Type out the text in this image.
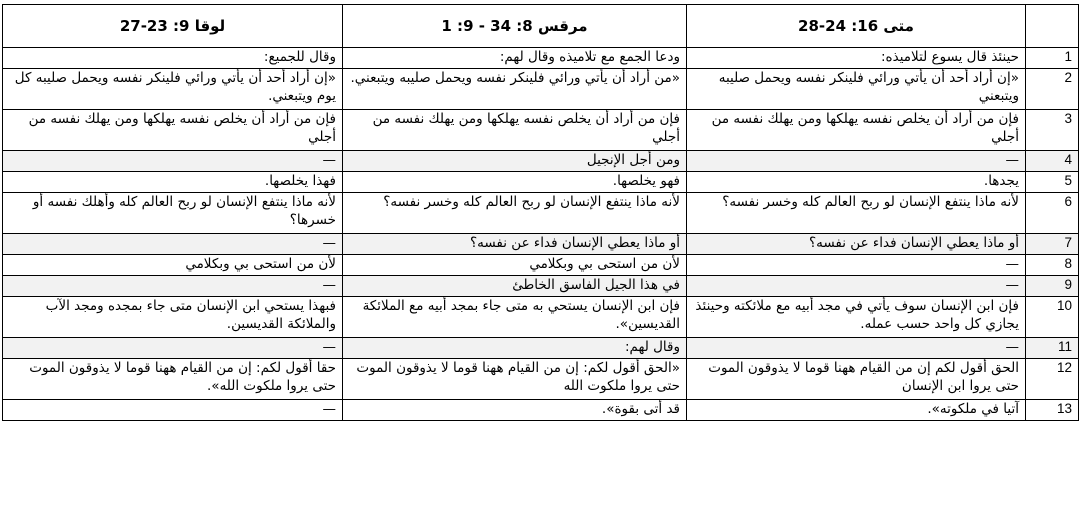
	متى 16: 24-28	مرقس 8: 34 - 9: 1	لوقا 9: 23-27
1	حينئذ قال يسوع لتلاميذه:	ودعا الجمع مع تلاميذه وقال لهم:	وقال للجميع:
2	«إن أراد أحد أن يأتي ورائي فلينكر نفسه ويحمل صليبه ويتبعني	«من أراد أن يأتي ورائي فلينكر نفسه ويحمل صليبه ويتبعني.	«إن أراد أحد أن يأتي ورائي فلينكر نفسه ويحمل صليبه كل يوم ويتبعني.
3	فإن من أراد أن يخلص نفسه يهلكها ومن يهلك نفسه من أجلي	فإن من أراد أن يخلص نفسه يهلكها ومن يهلك نفسه من أجلي	فإن من أراد أن يخلص نفسه يهلكها ومن يهلك نفسه من أجلي
4	—	ومن أجل الإنجيل	—
5	يجدها.	فهو يخلصها.	فهذا يخلصها.
6	لأنه ماذا ينتفع الإنسان لو ربح العالم كله وخسر نفسه؟	لأنه ماذا ينتفع الإنسان لو ربح العالم كله وخسر نفسه؟	لأنه ماذا ينتفع الإنسان لو ربح العالم كله وأهلك نفسه أو خسرها؟
7	أو ماذا يعطي الإنسان فداء عن نفسه؟	أو ماذا يعطي الإنسان فداء عن نفسه؟	—
8	—	لأن من استحى بي وبكلامي	لأن من استحى بي وبكلامي
9	—	في هذا الجيل الفاسق الخاطئ	—
10	فإن ابن الإنسان سوف يأتي في مجد أبيه مع ملائكته وحينئذ يجازي كل واحد حسب عمله.	فإن ابن الإنسان يستحي به متى جاء بمجد أبيه مع الملائكة القديسين».	فبهذا يستحي ابن الإنسان متى جاء بمجده ومجد الآب والملائكة القديسين.
11	—	وقال لهم:	—
12	الحق أقول لكم إن من القيام ههنا قوما لا يذوقون الموت حتى يروا ابن الإنسان	«الحق أقول لكم: إن من القيام ههنا قوما لا يذوقون الموت حتى يروا ملكوت الله	حقا أقول لكم: إن من القيام ههنا قوما لا يذوقون الموت حتى يروا ملكوت الله».
13	آتيا في ملكوته».	قد أتى بقوة».	—
